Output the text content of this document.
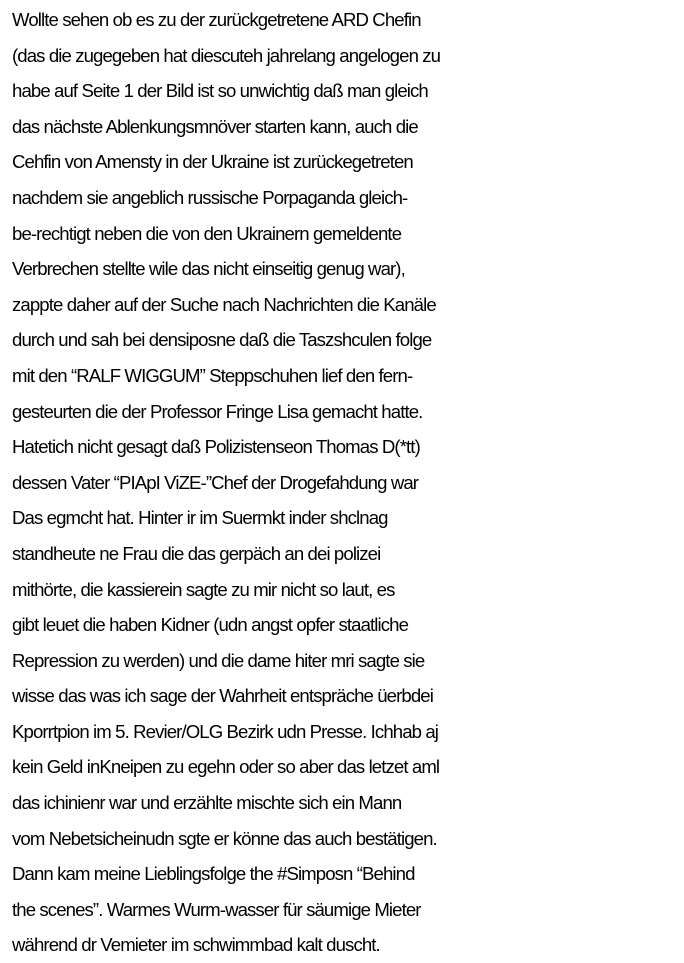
Wollte sehen ob es zu der zurückgetretene ARD Chefin
(das die zugegeben hat diescuteh jahrelang angelogen zu
habe auf Seite 1 der Bild ist so unwichtig daß man gleich
das nächste Ablenkungsmnöver starten kann, auch die
Cehfin von Amensty in der Ukraine ist zurückegetreten
nachdem sie angeblich russische Porpaganda gleich-
be-rechtigt neben die von den Ukrainern gemeldente
Verbrechen stellte wile das nicht einseitig genug war),
zappte daher auf der Suche nach Nachrichten die Kanäle
durch und sah bei densiposne daß die Taszshculen folge
mit den “RALF WIGGUM” Steppschuhen lief den fern-
gesteurten die der Professor Fringe Lisa gemacht hatte.
Hatetich nicht gesagt daß Polizistenseon Thomas D(*tt)
dessen Vater “PIApI ViZE-”Chef der Drogefahdung war
Das egmcht hat. Hinter ir im Suermkt inder shclnag
standheute ne Frau die das gerpäch an dei polizei
mithörte, die kassierein sagte zu mir nicht so laut, es
gibt leuet die haben Kidner (udn angst opfer staatliche
Repression zu werden) und die dame hiter mri sagte sie
wisse das was ich sage der Wahrheit entspräche üerbdei
Kporrtpion im 5. Revier/OLG Bezirk udn Presse. Ichhab aj
kein Geld inKneipen zu egehn oder so aber das letzet aml
das ichinienr war und erzählte mischte sich ein Mann
vom Nebetsicheinudn sgte er könne das auch bestätigen.
Dann kam meine Lieblingsfolge the #Simposn “Behind
the scenes”. Warmes Wurm-wasser für säumige Mieter
während dr Vemieter im schwimmbad kalt duscht.
